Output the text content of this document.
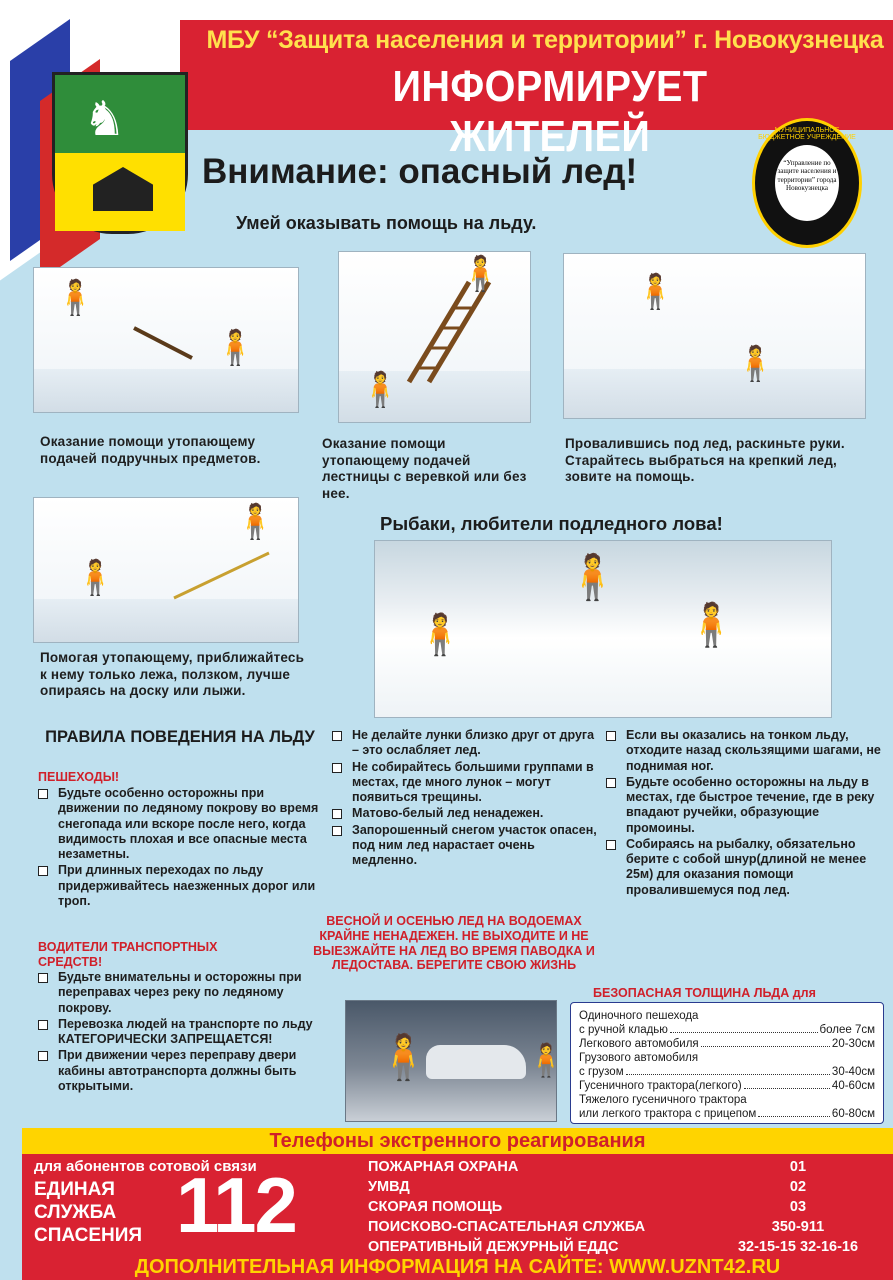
МБУ “Защита населения и территории” г. Новокузнецка
ИНФОРМИРУЕТ ЖИТЕЛЕЙ
♞	МУНИЦИПАЛЬНОЕ БЮДЖЕТНОЕ УЧРЕЖДЕНИЕ
“Управление по защите населения и территории” города Новокузнецка
Внимание: опасный лед!
Умей оказывать помощь на льду.
🧍
🧍
Оказание помощи утопающему подачей подручных предметов.
🧍
🧍
Оказание помощи утопающему подачей лестницы с веревкой или без нее.
🧍
🧍
Провалившись под лед, раскиньте руки. Старайтесь выбраться на крепкий лед, зовите на помощь.
🧍
🧍
Помогая утопающему, приближайтесь к нему только лежа, ползком, лучше опираясь на доску или лыжи.
Рыбаки, любители подледного лова!
🧍
🧍
🧍
ПРАВИЛА ПОВЕДЕНИЯ НА ЛЬДУ
ПЕШЕХОДЫ!
Будьте особенно осторожны при движении по ледяному покрову во время снегопада или вскоре после него, когда видимость плохая и все опасные места незаметны.
При длинных переходах по льду придерживайтесь наезженных дорог или троп.
ВОДИТЕЛИ ТРАНСПОРТНЫХ СРЕДСТВ!
Будьте внимательны и осторожны при переправах через реку по ледяному покрову.
Перевозка людей на транспорте по льду КАТЕГОРИЧЕСКИ ЗАПРЕЩАЕТСЯ!
При движении через переправу двери кабины автотранспорта должны быть открытыми.
Не делайте лунки близко друг от друга – это ослабляет лед.
Не собирайтесь большими группами в местах, где много лунок – могут появиться трещины.
Матово-белый лед ненадежен.
Запорошенный снегом участок опасен, под ним лед нарастает очень медленно.
Если вы оказались на тонком льду, отходите назад скользящими шагами, не поднимая ног.
Будьте особенно осторожны на льду в местах, где быстрое течение, где в реку впадают ручейки, образующие промоины.
Собираясь на рыбалку, обязательно берите с собой шнур(длиной не менее 25м) для оказания помощи провалившемуся под лед.
ВЕСНОЙ И ОСЕНЬЮ ЛЕД НА ВОДОЕМАХ КРАЙНЕ НЕНАДЕЖЕН. НЕ ВЫХОДИТЕ И НЕ ВЫЕЗЖАЙТЕ НА ЛЕД ВО ВРЕМЯ ПАВОДКА И ЛЕДОСТАВА. БЕРЕГИТЕ СВОЮ ЖИЗНЬ
🧍	🧍
БЕЗОПАСНАЯ ТОЛЩИНА ЛЬДА для
Одиночного пешехода
с ручной кладью	более 7см
Легкового автомобиля	20-30см
Грузового автомобиля
с грузом	30-40см
Гусеничного трактора(легкого)	40-60см
Тяжелого гусеничного трактора
или легкого трактора с прицепом	60-80см
Телефоны экстренного реагирования
для абонентов сотовой связи
ЕДИНАЯ
СЛУЖБА
СПАСЕНИЯ 112	ПОЖАРНАЯ ОХРАНА	01
УМВД	02
СКОРАЯ ПОМОЩЬ	03
ПОИСКОВО-СПАСАТЕЛЬНАЯ СЛУЖБА	350-911
ОПЕРАТИВНЫЙ ДЕЖУРНЫЙ ЕДДС	32-15-15 32-16-16
ДОПОЛНИТЕЛЬНАЯ ИНФОРМАЦИЯ НА САЙТЕ: WWW.UZNT42.RU
